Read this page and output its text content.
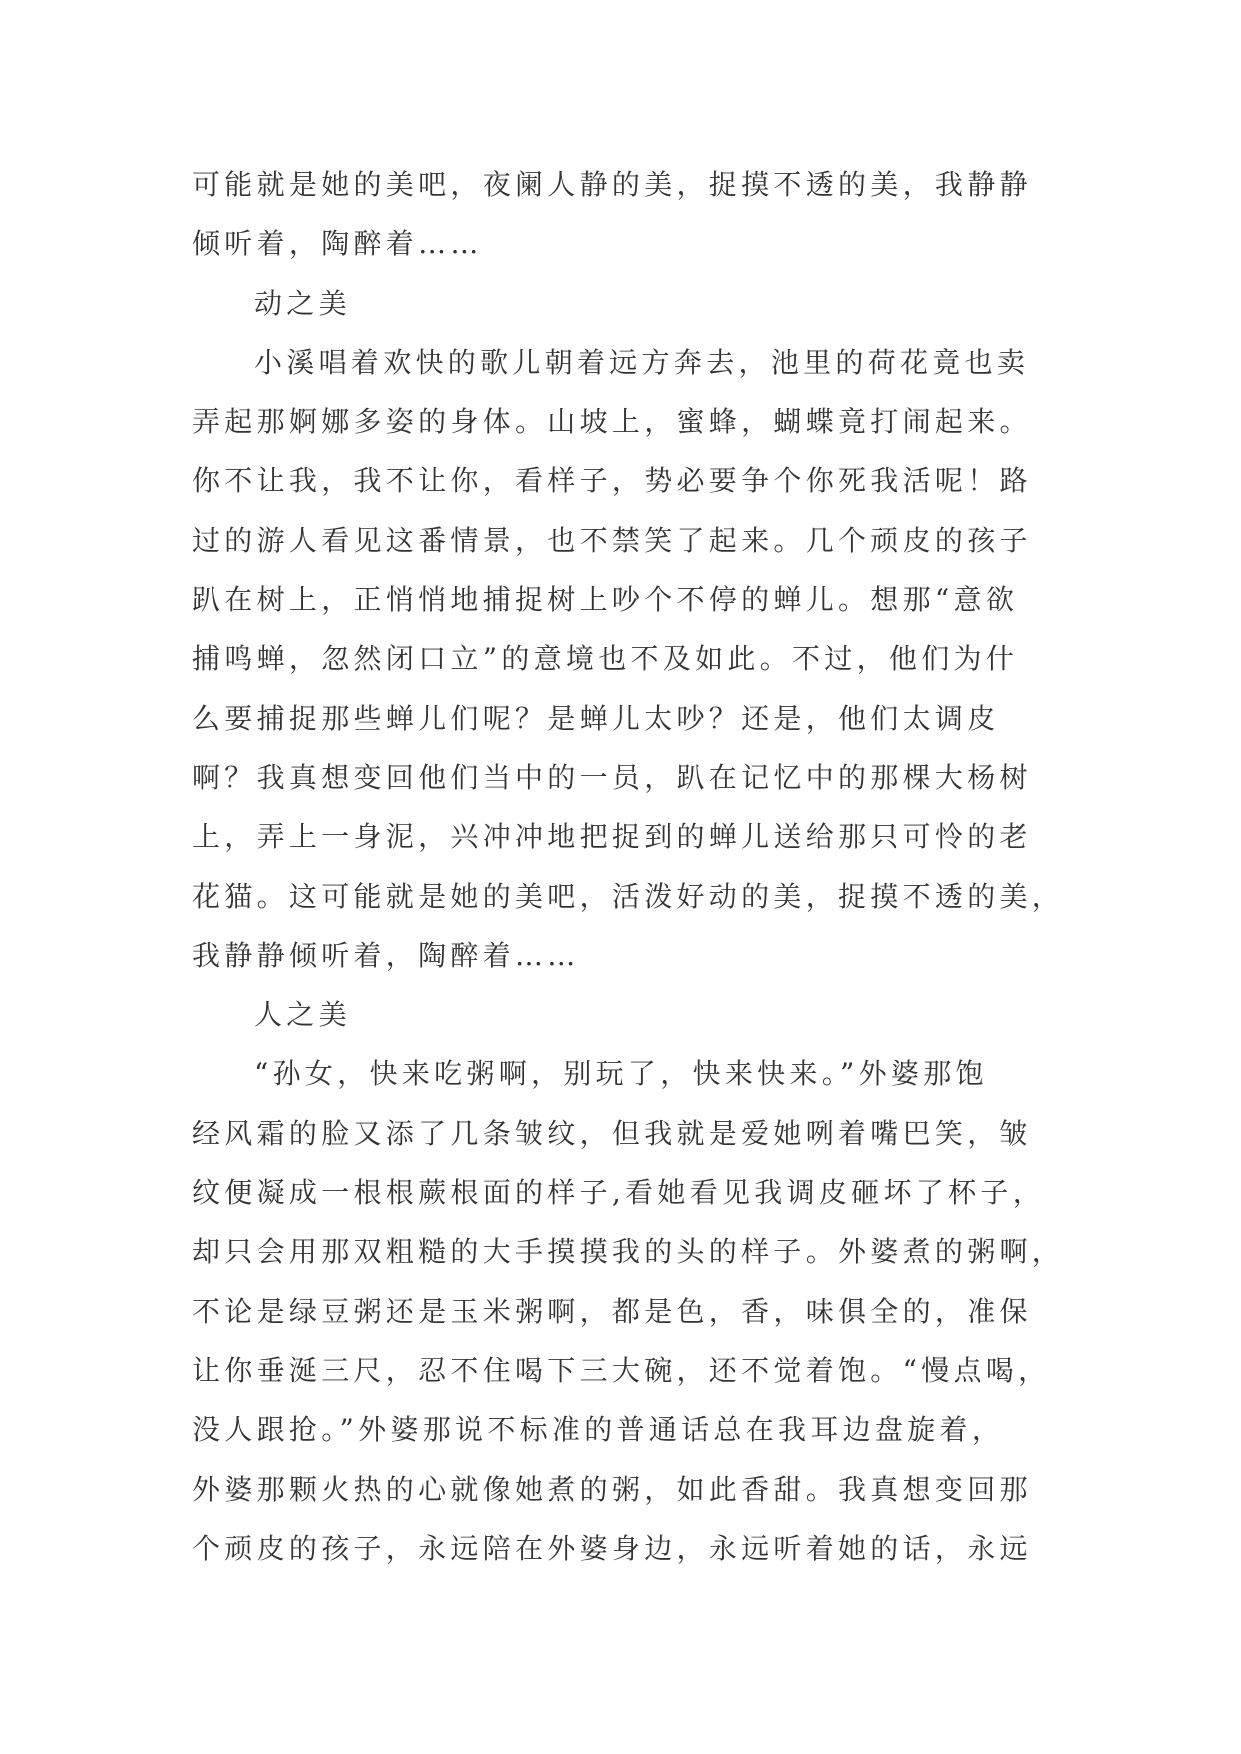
可能就是她的美吧，夜阑人静的美，捉摸不透的美，我静静
倾听着，陶醉着……
动之美
小溪唱着欢快的歌儿朝着远方奔去，池里的荷花竟也卖
弄起那婀娜多姿的身体。山坡上，蜜蜂，蝴蝶竟打闹起来。
你不让我，我不让你，看样子，势必要争个你死我活呢！路
过的游人看见这番情景，也不禁笑了起来。几个顽皮的孩子
趴在树上，正悄悄地捕捉树上吵个不停的蝉儿。想那“意欲
捕鸣蝉，忽然闭口立”的意境也不及如此。不过，他们为什
么要捕捉那些蝉儿们呢？是蝉儿太吵？还是，他们太调皮
啊？我真想变回他们当中的一员，趴在记忆中的那棵大杨树
上，弄上一身泥，兴冲冲地把捉到的蝉儿送给那只可怜的老
花猫。这可能就是她的美吧，活泼好动的美，捉摸不透的美，
我静静倾听着，陶醉着……
人之美
“孙女，快来吃粥啊，别玩了，快来快来。”外婆那饱
经风霜的脸又添了几条皱纹，但我就是爱她咧着嘴巴笑，皱
纹便凝成一根根蕨根面的样子,看她看见我调皮砸坏了杯子，
却只会用那双粗糙的大手摸摸我的头的样子。外婆煮的粥啊，
不论是绿豆粥还是玉米粥啊，都是色，香，味俱全的，准保
让你垂涎三尺，忍不住喝下三大碗，还不觉着饱。“慢点喝，
没人跟抢。”外婆那说不标准的普通话总在我耳边盘旋着，
外婆那颗火热的心就像她煮的粥，如此香甜。我真想变回那
个顽皮的孩子，永远陪在外婆身边，永远听着她的话，永远
